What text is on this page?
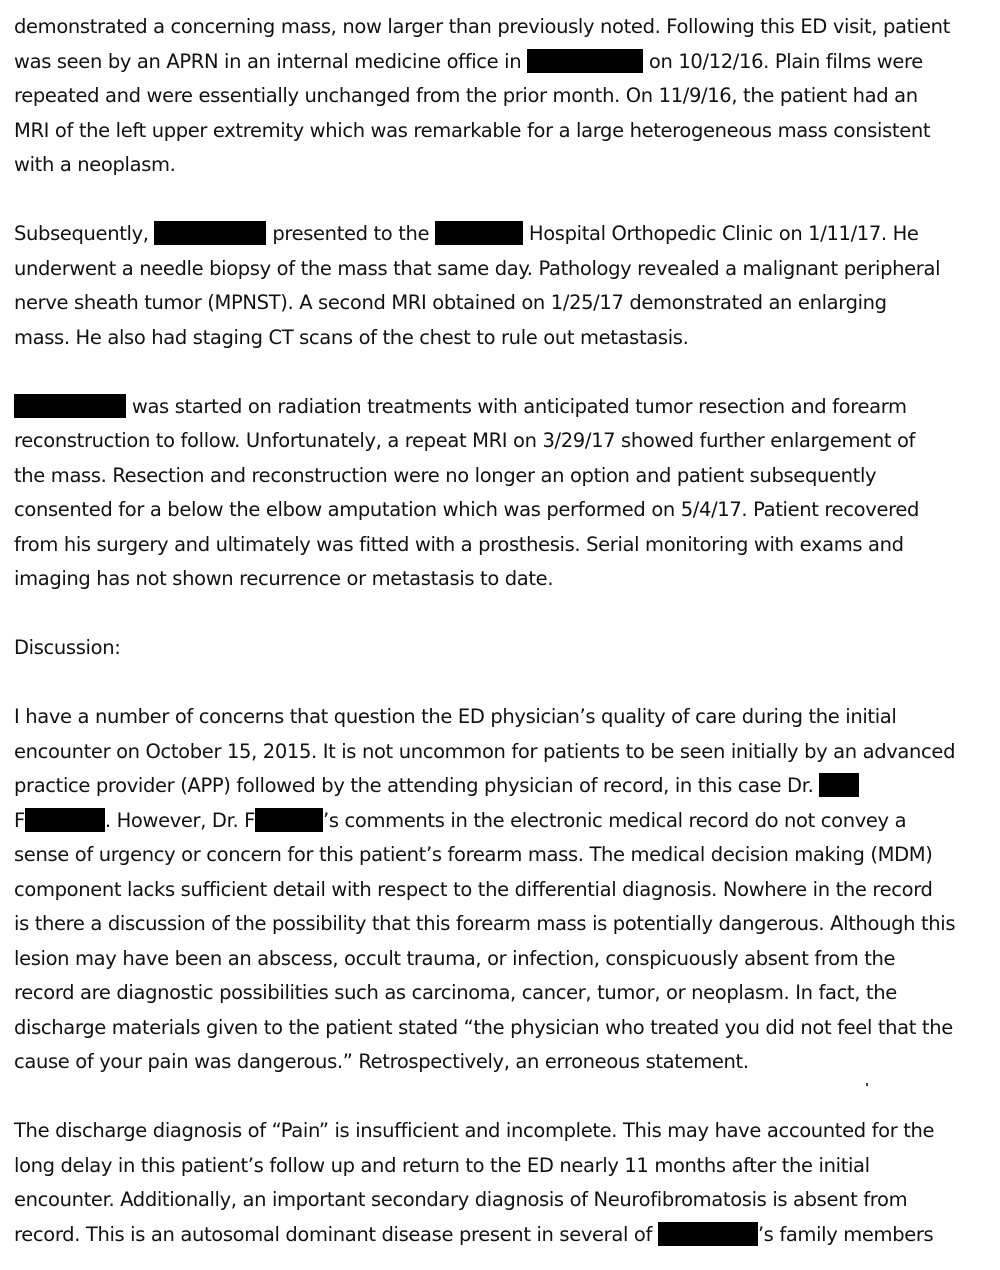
demonstrated a concerning mass, now larger than previously noted. Following this ED visit, patient
was seen by an APRN in an internal medicine office in	on 10/12/16. Plain films were
repeated and were essentially unchanged from the prior month. On 11/9/16, the patient had an
MRI of the left upper extremity which was remarkable for a large heterogeneous mass consistent
with a neoplasm.

Subsequently,	presented to the	Hospital Orthopedic Clinic on 1/11/17. He
underwent a needle biopsy of the mass that same day. Pathology revealed a malignant peripheral
nerve sheath tumor (MPNST). A second MRI obtained on 1/25/17 demonstrated an enlarging
mass. He also had staging CT scans of the chest to rule out metastasis.

was started on radiation treatments with anticipated tumor resection and forearm
reconstruction to follow. Unfortunately, a repeat MRI on 3/29/17 showed further enlargement of
the mass. Resection and reconstruction were no longer an option and patient subsequently
consented for a below the elbow amputation which was performed on 5/4/17. Patient recovered
from his surgery and ultimately was fitted with a prosthesis. Serial monitoring with exams and
imaging has not shown recurrence or metastasis to date.

Discussion:

I have a number of concerns that question the ED physician’s quality of care during the initial
encounter on October 15, 2015. It is not uncommon for patients to be seen initially by an advanced
practice provider (APP) followed by the attending physician of record, in this case Dr.
F	. However, Dr. F	’s comments in the electronic medical record do not convey a
sense of urgency or concern for this patient’s forearm mass. The medical decision making (MDM)
component lacks sufficient detail with respect to the differential diagnosis. Nowhere in the record
is there a discussion of the possibility that this forearm mass is potentially dangerous. Although this
lesion may have been an abscess, occult trauma, or infection, conspicuously absent from the
record are diagnostic possibilities such as carcinoma, cancer, tumor, or neoplasm. In fact, the
discharge materials given to the patient stated “the physician who treated you did not feel that the
cause of your pain was dangerous.” Retrospectively, an erroneous statement.

The discharge diagnosis of “Pain” is insufficient and incomplete. This may have accounted for the
long delay in this patient’s follow up and return to the ED nearly 11 months after the initial
encounter. Additionally, an important secondary diagnosis of Neurofibromatosis is absent from
record. This is an autosomal dominant disease present in several of	’s family members
